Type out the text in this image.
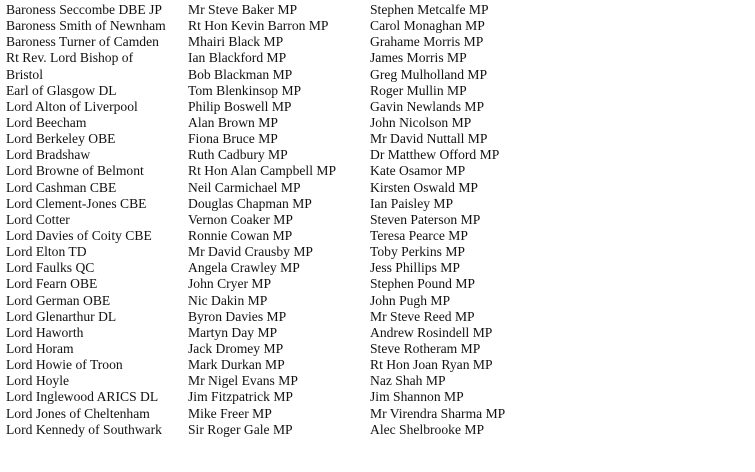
Baroness Seccombe DBE JP
Baroness Smith of Newnham
Baroness Turner of Camden
Rt Rev. Lord Bishop of
Bristol
Earl of Glasgow DL
Lord Alton of Liverpool
Lord Beecham
Lord Berkeley OBE
Lord Bradshaw
Lord Browne of Belmont
Lord Cashman CBE
Lord Clement-Jones CBE
Lord Cotter
Lord Davies of Coity CBE
Lord Elton TD
Lord Faulks QC
Lord Fearn OBE
Lord German OBE
Lord Glenarthur DL
Lord Haworth
Lord Horam
Lord Howie of Troon
Lord Hoyle
Lord Inglewood ARICS DL
Lord Jones of Cheltenham
Lord Kennedy of Southwark
Mr Steve Baker MP
Rt Hon Kevin Barron MP
Mhairi Black MP
Ian Blackford MP
Bob Blackman MP
Tom Blenkinsop MP
Philip Boswell MP
Alan Brown MP
Fiona Bruce MP
Ruth Cadbury MP
Rt Hon Alan Campbell MP
Neil Carmichael MP
Douglas Chapman MP
Vernon Coaker MP
Ronnie Cowan MP
Mr David Crausby MP
Angela Crawley MP
John Cryer MP
Nic Dakin MP
Byron Davies MP
Martyn Day MP
Jack Dromey MP
Mark Durkan MP
Mr Nigel Evans MP
Jim Fitzpatrick MP
Mike Freer MP
Sir Roger Gale MP
Stephen Metcalfe MP
Carol Monaghan MP
Grahame Morris MP
James Morris MP
Greg Mulholland MP
Roger Mullin MP
Gavin Newlands MP
John Nicolson MP
Mr David Nuttall MP
Dr Matthew Offord MP
Kate Osamor MP
Kirsten Oswald MP
Ian Paisley MP
Steven Paterson MP
Teresa Pearce MP
Toby Perkins MP
Jess Phillips MP
Stephen Pound MP
John Pugh MP
Mr Steve Reed MP
Andrew Rosindell MP
Steve Rotheram MP
Rt Hon Joan Ryan MP
Naz Shah MP
Jim Shannon MP
Mr Virendra Sharma MP
Alec Shelbrooke MP
